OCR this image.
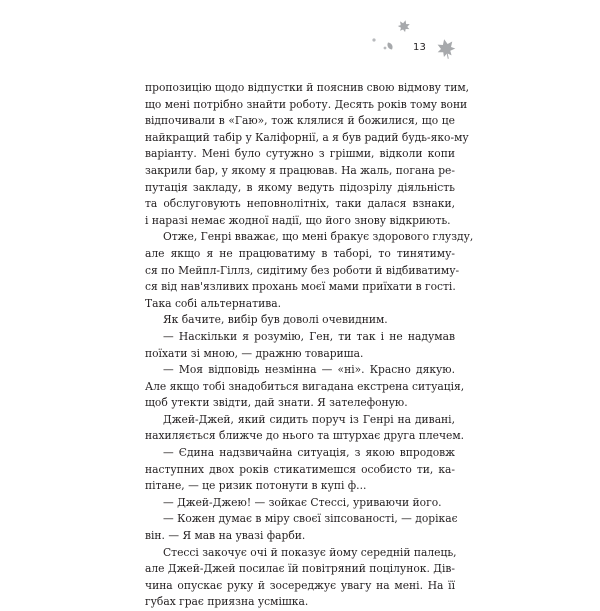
13
пропозицію щодо відпустки й пояснив свою відмову тим,
що мені потрібно знайти роботу. Десять років тому вони
відпочивали в «Гаю», тож клялися й божилися, що це
найкращий табір у Каліфорнії, а я був радий будь-яко-му
варіанту. Мені було сутужно з грішми, відколи копи
закрили бар, у якому я працював. На жаль, погана ре-
путація закладу, в якому ведуть підозрілу діяльність
та обслуговують неповнолітніх, таки далася взнаки,
і наразі немає жодної надії, що його знову відкриють.
Отже, Генрі вважає, що мені бракує здорового глузду,
але якщо я не працюватиму в таборі, то тинятиму-
ся по Мейпл-Гіллз, сидітиму без роботи й відбиватиму-
ся від нав'язливих прохань моєї мами приїхати в гості.
Така собі альтернатива.
Як бачите, вибір був доволі очевидним.
— Наскільки я розумію, Ген, ти так і не надумав
поїхати зі мною, — дражню товариша.
— Моя відповідь незмінна — «ні». Красно дякую.
Але якщо тобі знадобиться вигадана екстрена ситуація,
щоб утекти звідти, дай знати. Я зателефоную.
Джей-Джей, який сидить поруч із Генрі на дивані,
нахиляється ближче до нього та штурхає друга плечем.
— Єдина надзвичайна ситуація, з якою впродовж
наступних двох років стикатимешся особисто ти, ка-
пітане, — це ризик потонути в купі ф...
— Джей-Джею! — зойкає Стессі, уриваючи його.
— Кожен думає в міру своєї зіпсованості, — дорікає
він. — Я мав на увазі фарби.
Стессі закочує очі й показує йому середній палець,
але Джей-Джей посилає їй повітряний поцілунок. Дів-
чина опускає руку й зосереджує увагу на мені. На її
губах грає приязна усмішка.
